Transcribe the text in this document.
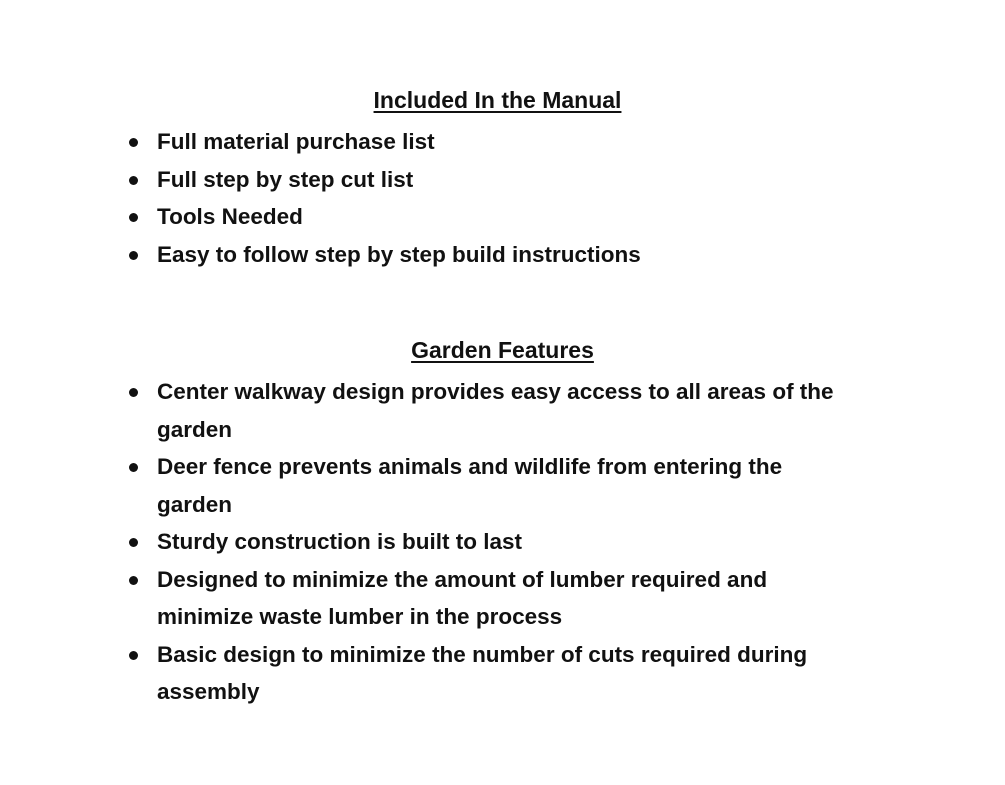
Included In the Manual
Full material purchase list
Full step by step cut list
Tools Needed
Easy to follow step by step build instructions
Garden Features
Center walkway design provides easy access to all areas of the garden
Deer fence prevents animals and wildlife from entering the garden
Sturdy construction is built to last
Designed to minimize the amount of lumber required and minimize waste lumber in the process
Basic design to minimize the number of cuts required during assembly
